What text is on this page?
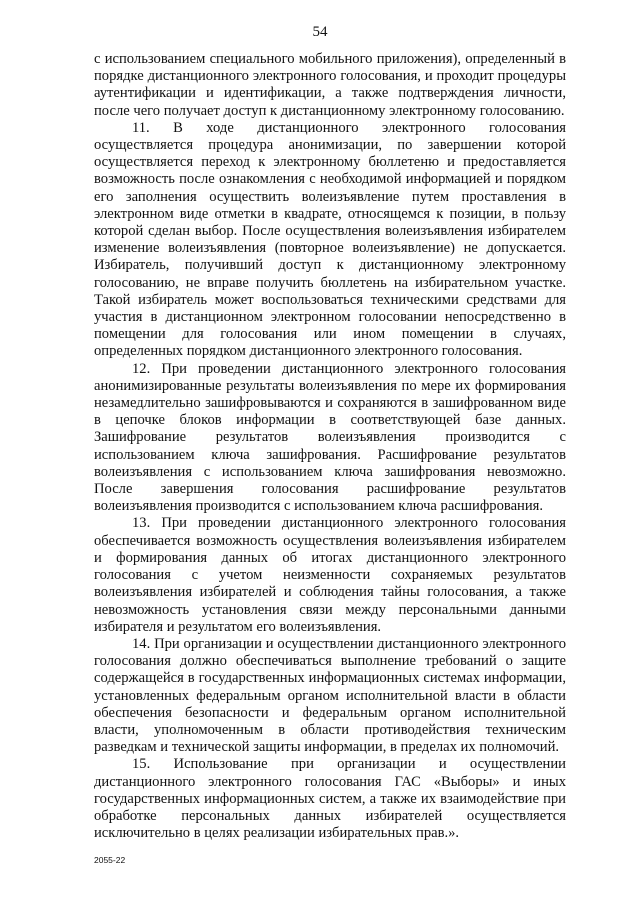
54

с использованием специального мобильного приложения), определенный в порядке дистанционного электронного голосования, и проходит процедуры аутентификации и идентификации, а также подтверждения личности, после чего получает доступ к дистанционному электронному голосованию.

11. В ходе дистанционного электронного голосования осуществляется процедура анонимизации, по завершении которой осуществляется переход к электронному бюллетеню и предоставляется возможность после ознакомления с необходимой информацией и порядком его заполнения осуществить волеизъявление путем проставления в электронном виде отметки в квадрате, относящемся к позиции, в пользу которой сделан выбор. После осуществления волеизъявления избирателем изменение волеизъявления (повторное волеизъявление) не допускается. Избиратель, получивший доступ к дистанционному электронному голосованию, не вправе получить бюллетень на избирательном участке. Такой избиратель может воспользоваться техническими средствами для участия в дистанционном электронном голосовании непосредственно в помещении для голосования или ином помещении в случаях, определенных порядком дистанционного электронного голосования.

12. При проведении дистанционного электронного голосования анонимизированные результаты волеизъявления по мере их формирования незамедлительно зашифровываются и сохраняются в зашифрованном виде в цепочке блоков информации в соответствующей базе данных. Зашифрование результатов волеизъявления производится с использованием ключа зашифрования. Расшифрование результатов волеизъявления с использованием ключа зашифрования невозможно. После завершения голосования расшифрование результатов волеизъявления производится с использованием ключа расшифрования.

13. При проведении дистанционного электронного голосования обеспечивается возможность осуществления волеизъявления избирателем и формирования данных об итогах дистанционного электронного голосования с учетом неизменности сохраняемых результатов волеизъявления избирателей и соблюдения тайны голосования, а также невозможность установления связи между персональными данными избирателя и результатом его волеизъявления.

14. При организации и осуществлении дистанционного электронного голосования должно обеспечиваться выполнение требований о защите содержащейся в государственных информационных системах информации, установленных федеральным органом исполнительной власти в области обеспечения безопасности и федеральным органом исполнительной власти, уполномоченным в области противодействия техническим разведкам и технической защиты информации, в пределах их полномочий.

15. Использование при организации и осуществлении дистанционного электронного голосования ГАС «Выборы» и иных государственных информационных систем, а также их взаимодействие при обработке персональных данных избирателей осуществляется исключительно в целях реализации избирательных прав.».

2055-22
